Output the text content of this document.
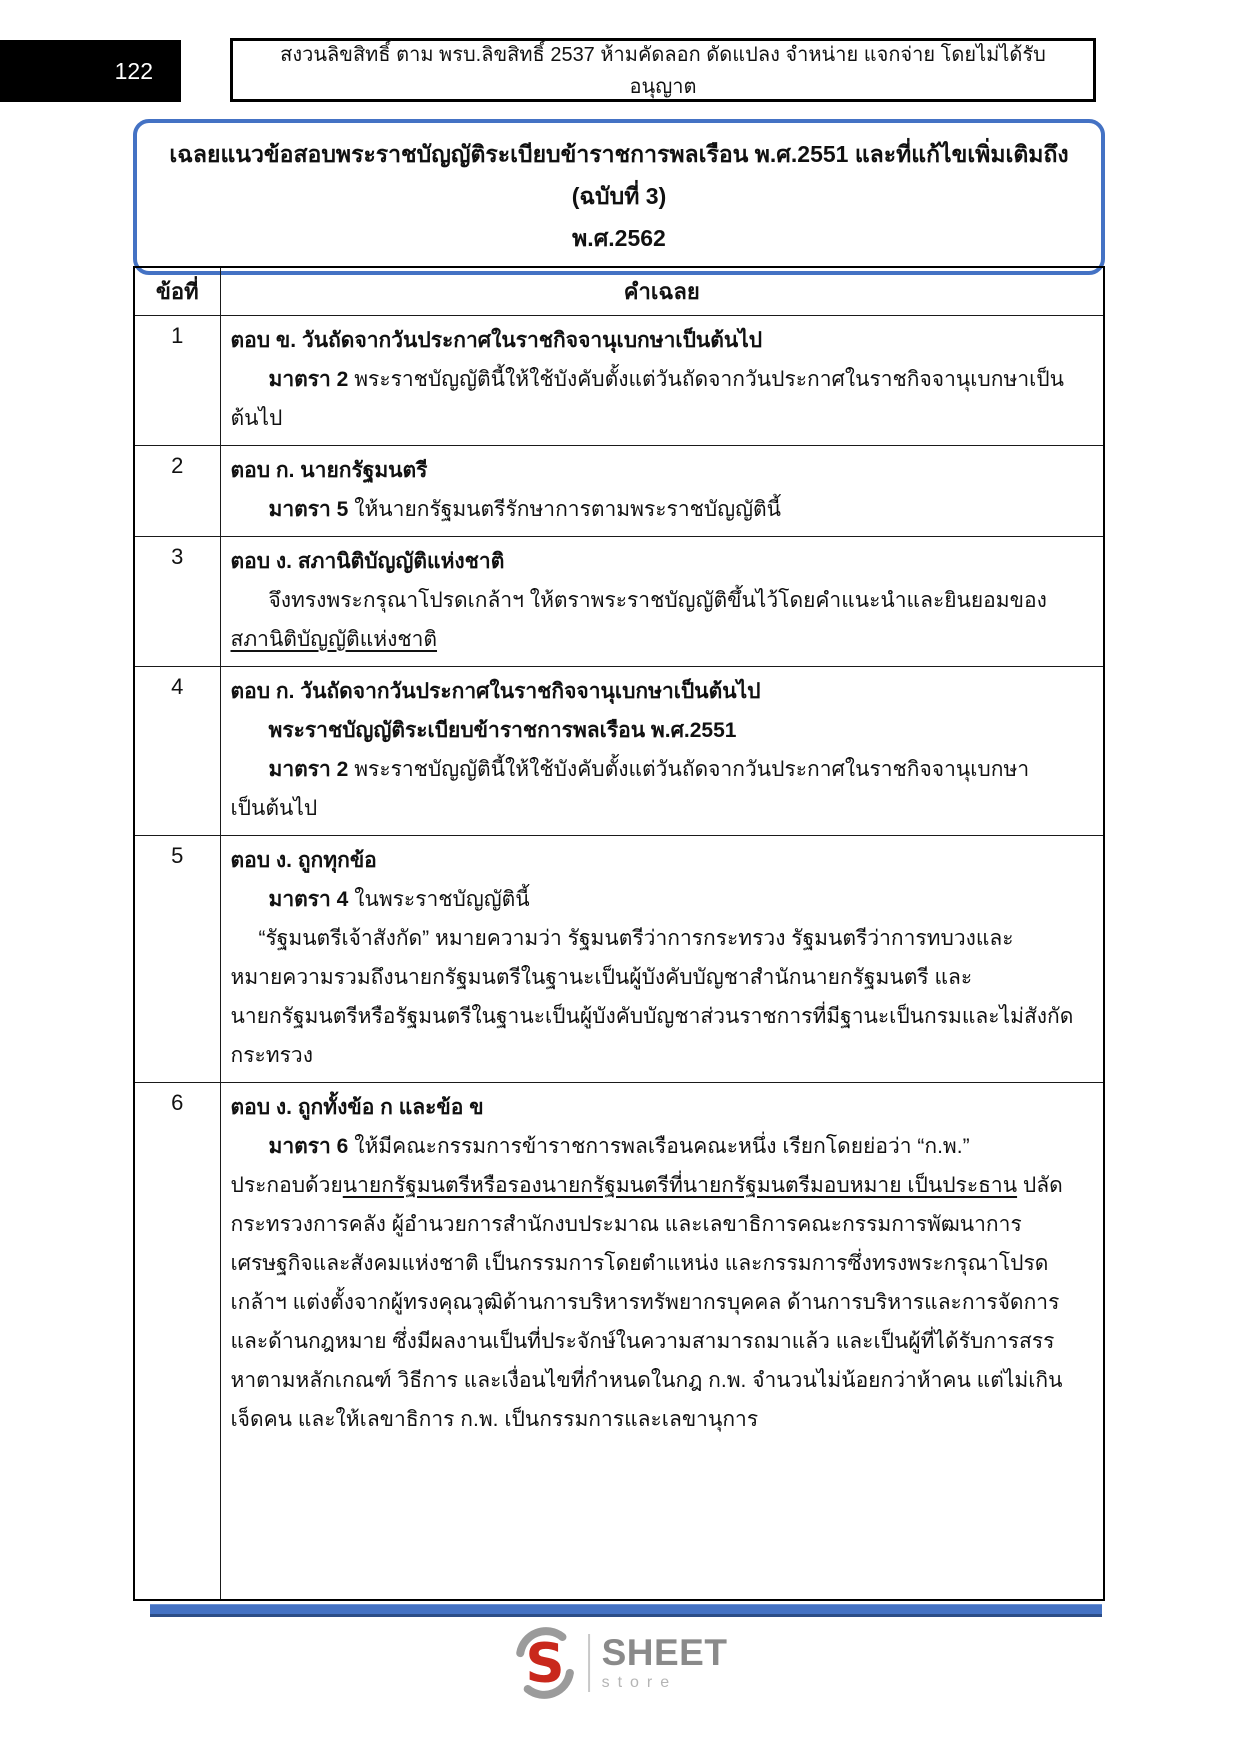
122
สงวนลิขสิทธิ์ ตาม พรบ.ลิขสิทธิ์ 2537 ห้ามคัดลอก ดัดแปลง จำหน่าย แจกจ่าย โดยไม่ได้รับอนุญาต
เฉลยแนวข้อสอบพระราชบัญญัติระเบียบข้าราชการพลเรือน พ.ศ.2551 และที่แก้ไขเพิ่มเติมถึง (ฉบับที่ 3)
พ.ศ.2562
ข้อที่	คำเฉลย
1	ตอบ ข. วันถัดจากวันประกาศในราชกิจจานุเบกษาเป็นต้นไป
มาตรา 2 พระราชบัญญัตินี้ให้ใช้บังคับตั้งแต่วันถัดจากวันประกาศในราชกิจจานุเบกษาเป็น
ต้นไป

2	ตอบ ก. นายกรัฐมนตรี
มาตรา 5 ให้นายกรัฐมนตรีรักษาการตามพระราชบัญญัตินี้

3	ตอบ ง. สภานิติบัญญัติแห่งชาติ
จึงทรงพระกรุณาโปรดเกล้าฯ ให้ตราพระราชบัญญัติขึ้นไว้โดยคำแนะนำและยินยอมของ
สภานิติบัญญัติแห่งชาติ

4	ตอบ ก. วันถัดจากวันประกาศในราชกิจจานุเบกษาเป็นต้นไป
พระราชบัญญัติระเบียบข้าราชการพลเรือน พ.ศ.2551
มาตรา 2 พระราชบัญญัตินี้ให้ใช้บังคับตั้งแต่วันถัดจากวันประกาศในราชกิจจานุเบกษา
เป็นต้นไป

5	ตอบ ง. ถูกทุกข้อ
มาตรา 4 ในพระราชบัญญัตินี้
“รัฐมนตรีเจ้าสังกัด” หมายความว่า รัฐมนตรีว่าการกระทรวง รัฐมนตรีว่าการทบวงและ
หมายความรวมถึงนายกรัฐมนตรีในฐานะเป็นผู้บังคับบัญชาสำนักนายกรัฐมนตรี และ
นายกรัฐมนตรีหรือรัฐมนตรีในฐานะเป็นผู้บังคับบัญชาส่วนราชการที่มีฐานะเป็นกรมและไม่สังกัด
กระทรวง

6	ตอบ ง. ถูกทั้งข้อ ก และข้อ ข
มาตรา 6 ให้มีคณะกรรมการข้าราชการพลเรือนคณะหนึ่ง เรียกโดยย่อว่า “ก.พ.”
ประกอบด้วยนายกรัฐมนตรีหรือรองนายกรัฐมนตรีที่นายกรัฐมนตรีมอบหมาย เป็นประธาน ปลัด
กระทรวงการคลัง ผู้อำนวยการสำนักงบประมาณ และเลขาธิการคณะกรรมการพัฒนาการ
เศรษฐกิจและสังคมแห่งชาติ เป็นกรรมการโดยตำแหน่ง และกรรมการซึ่งทรงพระกรุณาโปรด
เกล้าฯ แต่งตั้งจากผู้ทรงคุณวุฒิด้านการบริหารทรัพยากรบุคคล ด้านการบริหารและการจัดการ
และด้านกฎหมาย ซึ่งมีผลงานเป็นที่ประจักษ์ในความสามารถมาแล้ว และเป็นผู้ที่ได้รับการสรร
หาตามหลักเกณฑ์ วิธีการ และเงื่อนไขที่กำหนดในกฎ ก.พ. จำนวนไม่น้อยกว่าห้าคน แต่ไม่เกิน
เจ็ดคน และให้เลขาธิการ ก.พ. เป็นกรรมการและเลขานุการ
S SHEET
store
